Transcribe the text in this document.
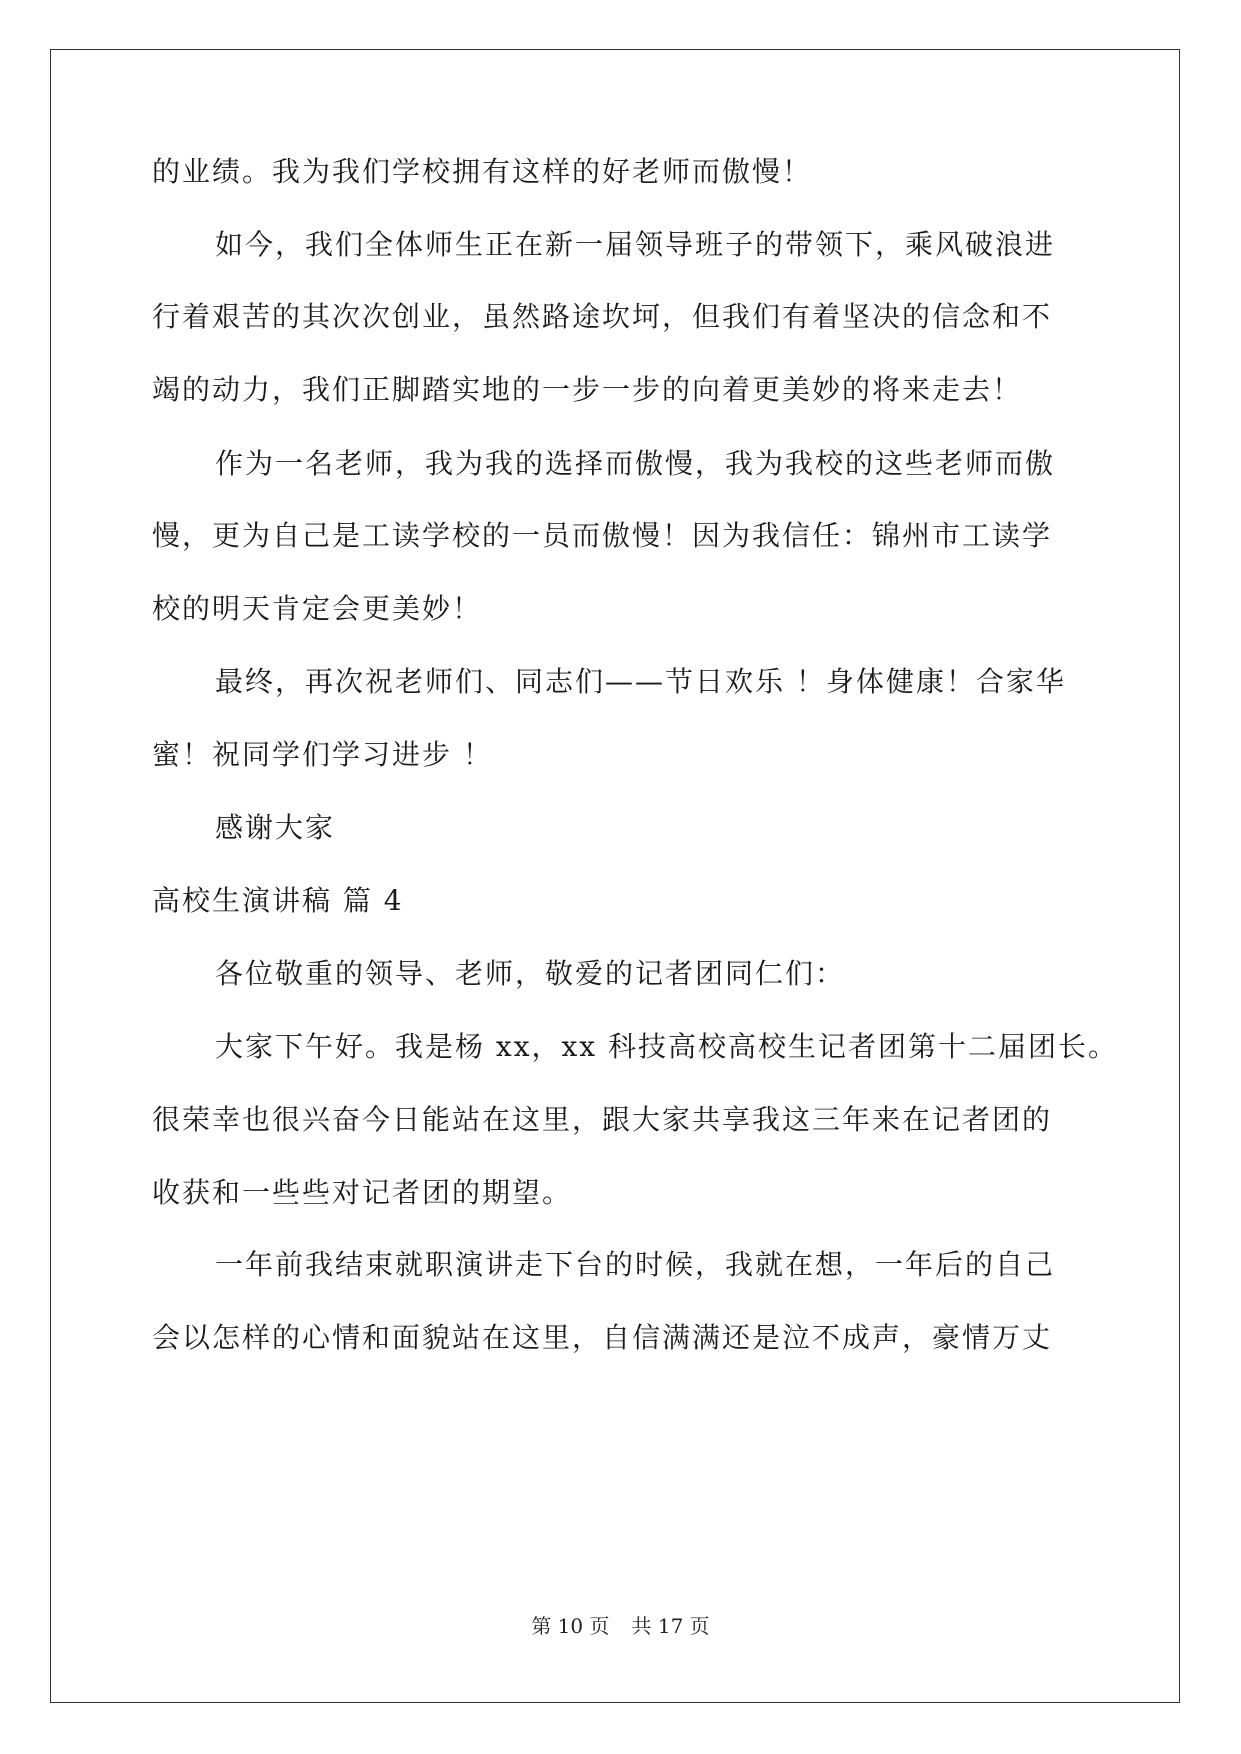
的业绩。我为我们学校拥有这样的好老师而傲慢！
如今，我们全体师生正在新一届领导班子的带领下，乘风破浪进
行着艰苦的其次次创业，虽然路途坎坷，但我们有着坚决的信念和不
竭的动力，我们正脚踏实地的一步一步的向着更美妙的将来走去！
作为一名老师，我为我的选择而傲慢，我为我校的这些老师而傲
慢，更为自己是工读学校的一员而傲慢！因为我信任：锦州市工读学
校的明天肯定会更美妙！
最终，再次祝老师们、同志们——节日欢乐 ！身体健康！合家华
蜜！祝同学们学习进步 ！
感谢大家
高校生演讲稿 篇 4
各位敬重的领导、老师，敬爱的记者团同仁们：
大家下午好。我是杨 xx，xx 科技高校高校生记者团第十二届团长。
很荣幸也很兴奋今日能站在这里，跟大家共享我这三年来在记者团的
收获和一些些对记者团的期望。
一年前我结束就职演讲走下台的时候，我就在想，一年后的自己
会以怎样的心情和面貌站在这里，自信满满还是泣不成声，豪情万丈
第 10 页 共 17 页
